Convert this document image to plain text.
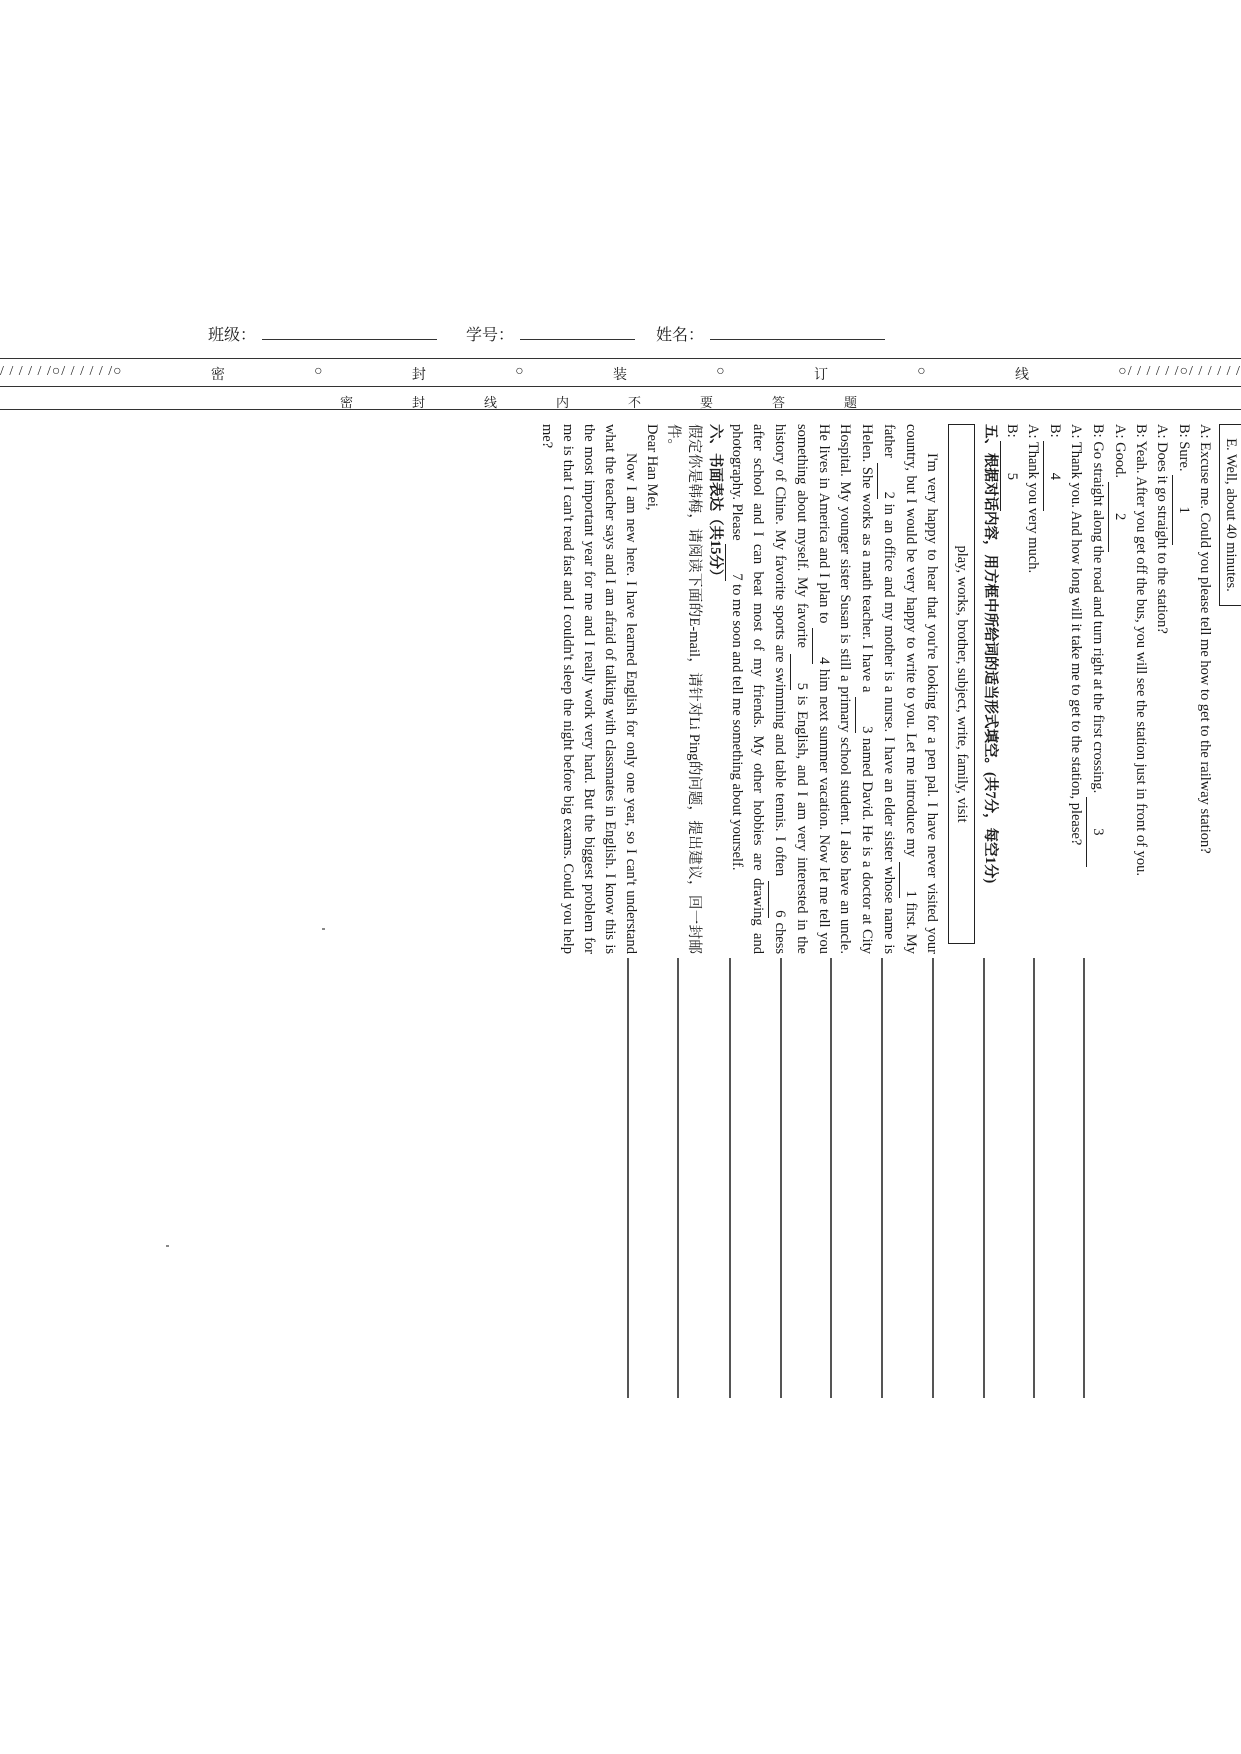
班级：	学号：	姓名：
/ / / / / /○/ / / / / /○	密	○	封	○	装	○	订	○	线	○/ / / / / /○/ / / / / /
密	封	线	内	不	要	答	题
E. Well, about 40 minutes.

A: Excuse me. Could you please tell me how to get to the railway station?

B: Sure. 1

A: Does it go straight to the station?

B: Yeah. After you get off the bus, you will see the station just in front of you.

A: Good. 2

B: Go straight along the road and turn right at the first crossing. 3

A: Thank you. And how long will it take me to get to the station, please?

B: 4

A: Thank you very much.

B: 5

五、根据对话内容，用方框中所给词的适当形式填空。(共7分，每空1分)

play, works, brother, subject, write, family, visit

I'm very happy to hear that you're looking for a pen pal. I have never visited your country, but I would be very happy to write to you. Let me introduce my 1 first. My father 2 in an office and my mother is a nurse. I have an elder sister whose name is Helen. She works as a math teacher. I have a 3 named David. He is a doctor at City Hospital. My younger sister Susan is still a primary school student. I also have an uncle. He lives in America and I plan to 4 him next summer vacation. Now let me tell you something about myself. My favorite 5 is English, and I am very interested in the history of Chine. My favorite sports are swimming and table tennis. I often 6 chess after school and I can beat most of my friends. My other hobbies are drawing and photography. Please 7 to me soon and tell me something about yourself.

六、书面表达（共15分）

假定你是韩梅，请阅读下面的E-mail，请针对Li Ping的问题，提出建议，回一封邮件。

Dear Han Mei,

Now I am new here. I have learned English for only one year, so I can't understand what the teacher says and I am afraid of talking with classmates in English. I know this is the most important year for me and I really work very hard. But the biggest problem for me is that I can't read fast and I couldn't sleep the night before big exams. Could you help me?
